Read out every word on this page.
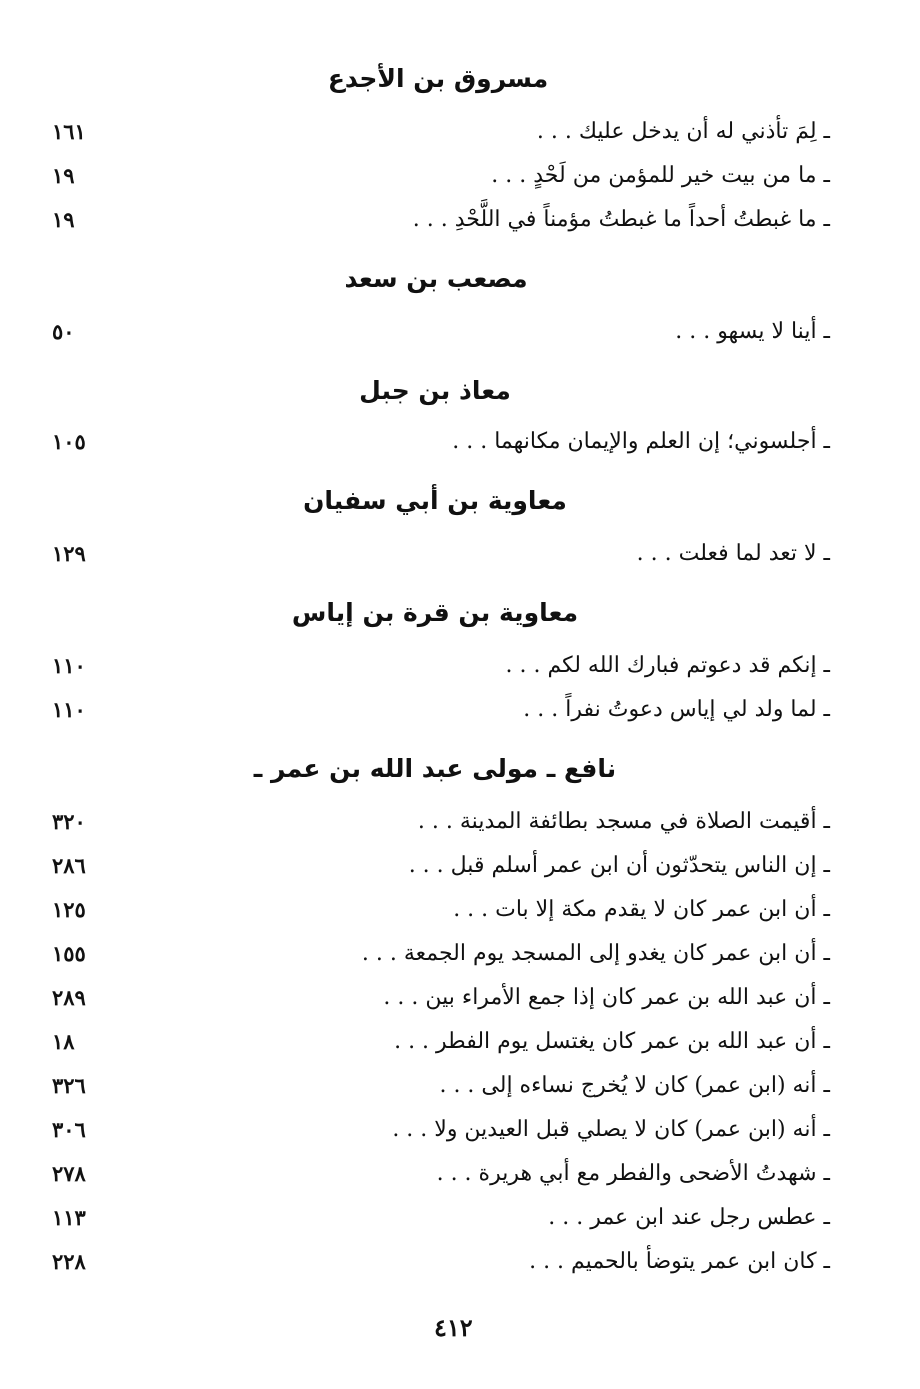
مسروق بن الأجدع
ـ لِمَ تأذني له أن يدخل عليك . . .
١٦١
ـ ما من بيت خير للمؤمن من لَحْدٍ . . .
١٩
ـ ما غبطتُ أحداً ما غبطتُ مؤمناً في اللَّحْدِ . . .
١٩
مصعب بن سعد
ـ أينا لا يسهو . . .
٥٠
معاذ بن جبل
ـ أجلسوني؛ إن العلم والإيمان مكانهما . . .
١٠٥
معاوية بن أبي سفيان
ـ لا تعد لما فعلت . . .
١٢٩
معاوية بن قرة بن إياس
ـ إنكم قد دعوتم فبارك الله لكم . . .
١١٠
ـ لما ولد لي إياس دعوتُ نفراً . . .
١١٠
نافع ـ مولى عبد الله بن عمر ـ
ـ أقيمت الصلاة في مسجد بطائفة المدينة . . .
٣٢٠
ـ إن الناس يتحدّثون أن ابن عمر أسلم قبل . . .
٢٨٦
ـ أن ابن عمر كان لا يقدم مكة إلا بات . . .
١٢٥
ـ أن ابن عمر كان يغدو إلى المسجد يوم الجمعة . . .
١٥٥
ـ أن عبد الله بن عمر كان إذا جمع الأمراء بين . . .
٢٨٩
ـ أن عبد الله بن عمر كان يغتسل يوم الفطر . . .
١٨
ـ أنه (ابن عمر) كان لا يُخرج نساءه إلى . . .
٣٢٦
ـ أنه (ابن عمر) كان لا يصلي قبل العيدين ولا . . .
٣٠٦
ـ شهدتُ الأضحى والفطر مع أبي هريرة . . .
٢٧٨
ـ عطس رجل عند ابن عمر . . .
١١٣
ـ كان ابن عمر يتوضأ بالحميم . . .
٢٢٨
٤١٢
